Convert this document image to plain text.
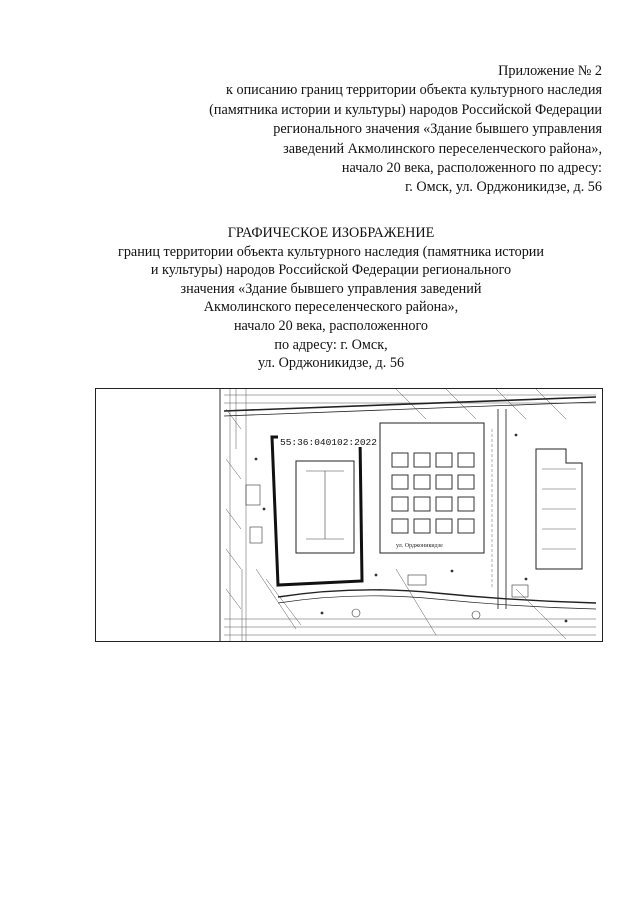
Приложение № 2
к описанию границ территории объекта культурного наследия
(памятника истории и культуры) народов Российской Федерации
регионального значения «Здание бывшего управления
заведений Акмолинского переселенческого района»,
начало 20 века, расположенного по адресу:
г. Омск, ул. Орджоникидзе, д. 56
ГРАФИЧЕСКОЕ ИЗОБРАЖЕНИЕ
границ территории объекта культурного наследия (памятника истории
и культуры) народов Российской Федерации регионального
значения «Здание бывшего управления заведений
Акмолинского переселенческого района»,
начало 20 века, расположенного
по адресу: г. Омск,
ул. Орджоникидзе, д. 56
55:36:040102:2022
ул. Орджоникидзе
